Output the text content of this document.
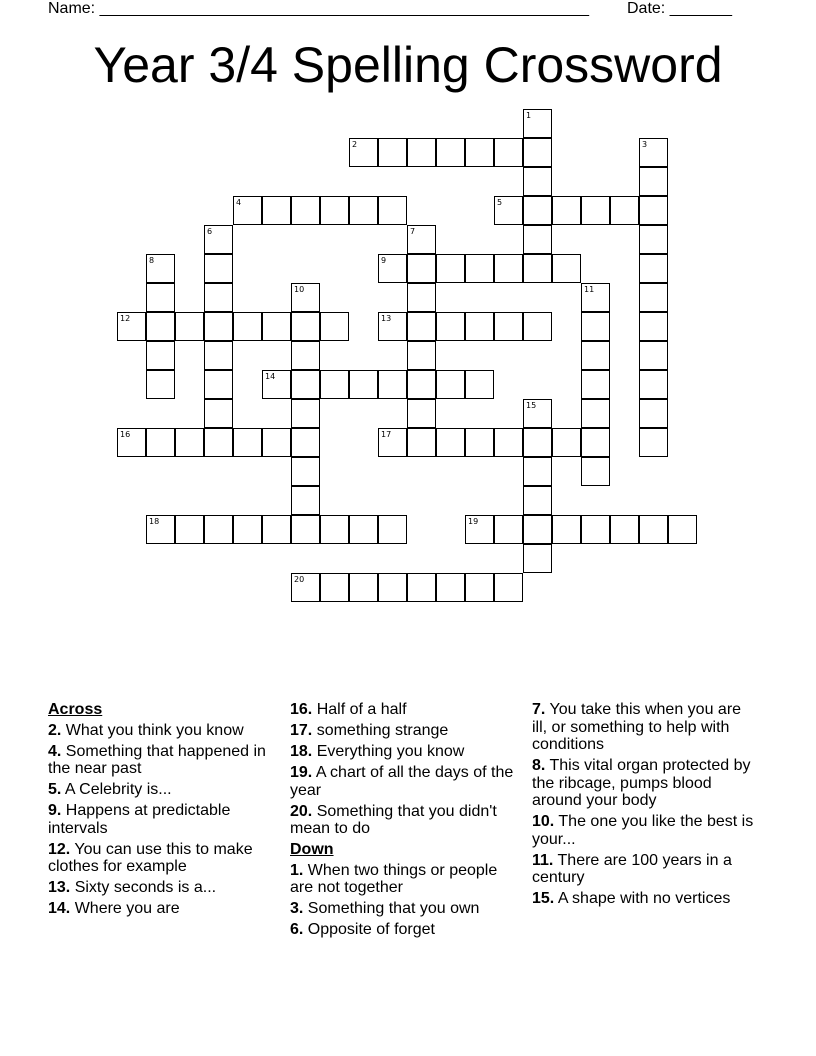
Name: _______________________________________________________ Date: _______
Year 3/4 Spelling Crossword
1
2	3
4	5
6	7
8	9
10	11
12	13
14
15
16	17
18	19
20
Across
2. What you think you know
4. Something that happened in the near past
5. A Celebrity is...
9. Happens at predictable intervals
12. You can use this to make clothes for example
13. Sixty seconds is a...
14. Where you are
16. Half of a half
17. something strange
18. Everything you know
19. A chart of all the days of the year
20. Something that you didn't mean to do
Down
1. When two things or people are not together
3. Something that you own
6. Opposite of forget
7. You take this when you are ill, or something to help with conditions
8. This vital organ protected by the ribcage, pumps blood around your body
10. The one you like the best is your...
11. There are 100 years in a century
15. A shape with no vertices
